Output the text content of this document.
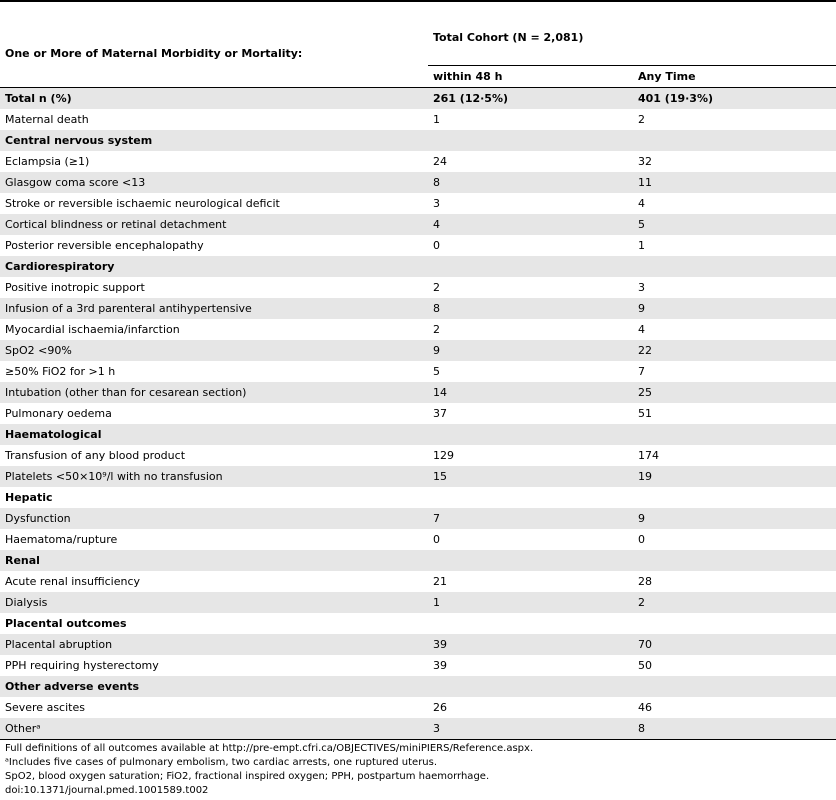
One or More of Maternal Morbidity or Mortality:	Total Cohort (N = 2,081)	
	within 48 h	Any Time
Total n (%)	261 (12·5%)	401 (19·3%)
Maternal death	1	2
Central nervous system		
Eclampsia (≥1)	24	32
Glasgow coma score <13	8	11
Stroke or reversible ischaemic neurological deficit	3	4
Cortical blindness or retinal detachment	4	5
Posterior reversible encephalopathy	0	1
Cardiorespiratory		
Positive inotropic support	2	3
Infusion of a 3rd parenteral antihypertensive	8	9
Myocardial ischaemia/infarction	2	4
SpO2 <90%	9	22
≥50% FiO2 for >1 h	5	7
Intubation (other than for cesarean section)	14	25
Pulmonary oedema	37	51
Haematological		
Transfusion of any blood product	129	174
Platelets <50×10⁹/l with no transfusion	15	19
Hepatic		
Dysfunction	7	9
Haematoma/rupture	0	0
Renal		
Acute renal insufficiency	21	28
Dialysis	1	2
Placental outcomes		
Placental abruption	39	70
PPH requiring hysterectomy	39	50
Other adverse events		
Severe ascites	26	46
Otherᵃ	3	8
Full definitions of all outcomes available at http://pre-empt.cfri.ca/OBJECTIVES/miniPIERS/Reference.aspx.
ᵃIncludes five cases of pulmonary embolism, two cardiac arrests, one ruptured uterus.
SpO2, blood oxygen saturation; FiO2, fractional inspired oxygen; PPH, postpartum haemorrhage.
doi:10.1371/journal.pmed.1001589.t002
